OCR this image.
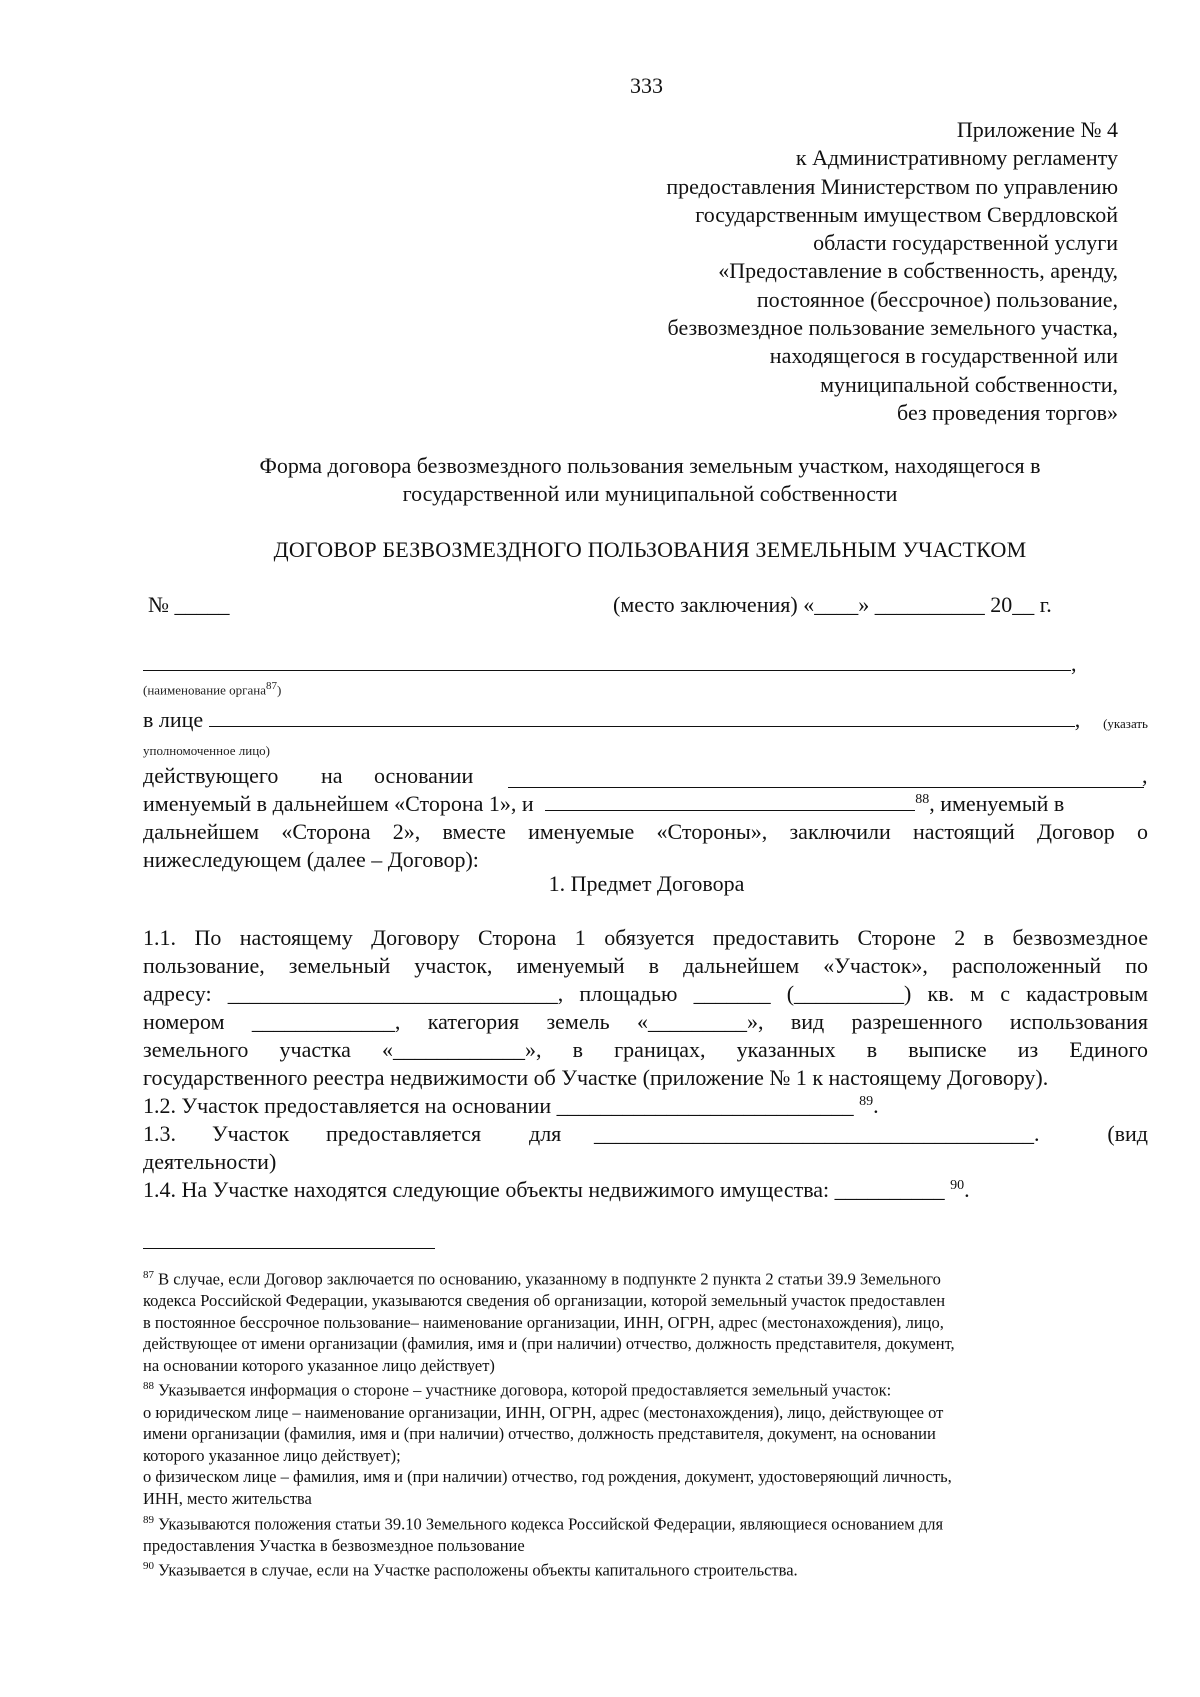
333
Приложение № 4
к Административному регламенту
предоставления Министерством по управлению
государственным имуществом Свердловской
области государственной услуги
«Предоставление в собственность, аренду,
постоянное (бессрочное) пользование,
безвозмездное пользование земельного участка,
находящегося в государственной или
муниципальной собственности,
без проведения торгов»
Форма договора безвозмездного пользования земельным участком, находящегося в
государственной или муниципальной собственности
ДОГОВОР БЕЗВОЗМЕЗДНОГО ПОЛЬЗОВАНИЯ ЗЕМЕЛЬНЫМ УЧАСТКОМ
№ _____	(место заключения) «____» __________ 20__ г.
,
(наименование органа$^{87}$)
в лице	, (указать
уполномоченное лицо)
действующего на основании	,
именуемый в дальнейшем «Сторона 1», и	$^{88}$, именуемый в
дальнейшем «Сторона 2», вместе именуемые «Стороны», заключили настоящий Договор о
нижеследующем (далее – Договор):
1. Предмет Договора
1.1. По настоящему Договору Сторона 1 обязуется предоставить Стороне 2 в безвозмездное
пользование, земельный участок, именуемый в дальнейшем «Участок», расположенный по
адресу: ______________________________, площадью _______ (__________) кв. м с кадастровым
номером _____________, категория земель «_________», вид разрешенного использования
земельного участка «____________», в границах, указанных в выписке из Единого
государственного реестра недвижимости об Участке (приложение № 1 к настоящему Договору).
1.2. Участок предоставляется на основании ___________________________ $^{89}$.
1.3. Участок предоставляется для ________________________________________.	(вид
деятельности)
1.4. На Участке находятся следующие объекты недвижимого имущества: __________ $^{90}$.
$^{87}$ В случае, если Договор заключается по основанию, указанному в подпункте 2 пункта 2 статьи 39.9 Земельного
кодекса Российской Федерации, указываются сведения об организации, которой земельный участок предоставлен
в постоянное бессрочное пользование– наименование организации, ИНН, ОГРН, адрес (местонахождения), лицо,
действующее от имени организации (фамилия, имя и (при наличии) отчество, должность представителя, документ,
на основании которого указанное лицо действует)
$^{88}$ Указывается информация о стороне – участнике договора, которой предоставляется земельный участок:
о юридическом лице – наименование организации, ИНН, ОГРН, адрес (местонахождения), лицо, действующее от
имени организации (фамилия, имя и (при наличии) отчество, должность представителя, документ, на основании
которого указанное лицо действует);
о физическом лице – фамилия, имя и (при наличии) отчество, год рождения, документ, удостоверяющий личность,
ИНН, место жительства
$^{89}$ Указываются положения статьи 39.10 Земельного кодекса Российской Федерации, являющиеся основанием для
предоставления Участка в безвозмездное пользование
$^{90}$ Указывается в случае, если на Участке расположены объекты капитального строительства.
